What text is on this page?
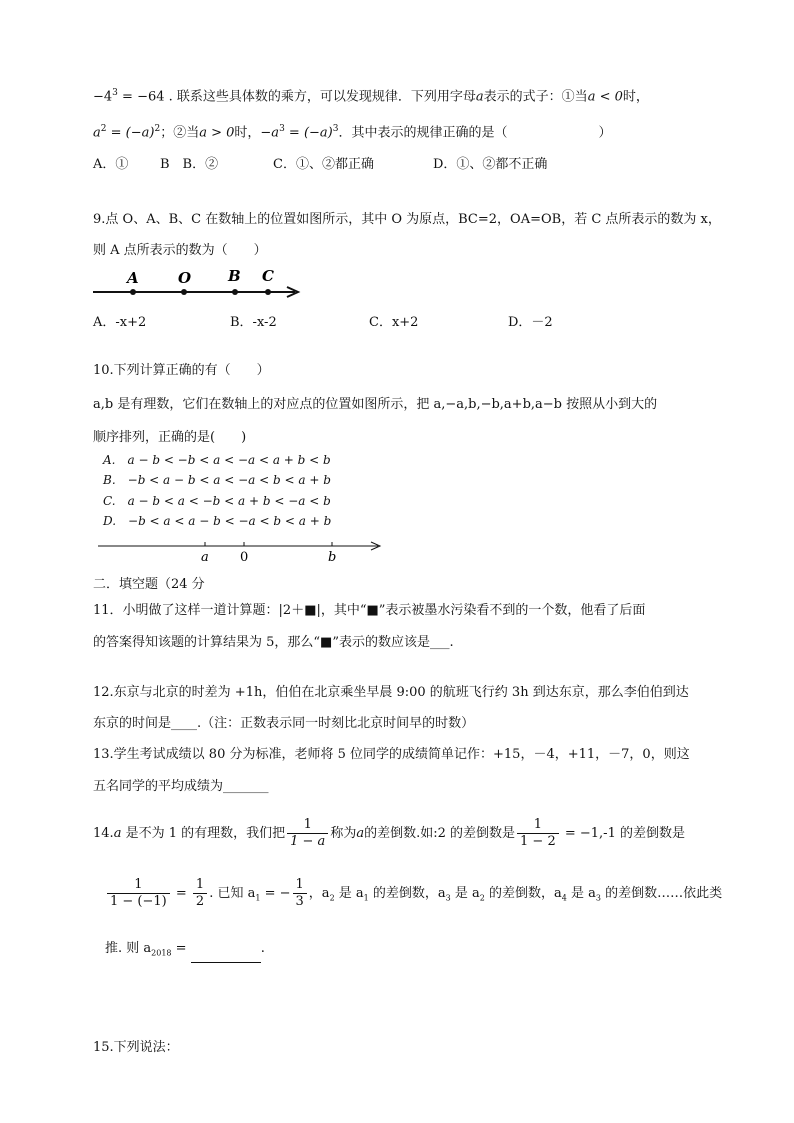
$-4^3 = -64$ . 联系这些具体数的乘方，可以发现规律．下列用字母a表示的式子：①当a < 0时，
$a^2 = (-a)^2$；②当a > 0时，$-a^3 = (-a)^3$．其中表示的规律正确的是（　　　　　　　）
A．① B　B．②	C．①、②都正确	D．①、②都不正确
9.点 O、A、B、C 在数轴上的位置如图所示，其中 O 为原点，BC=2，OA=OB，若 C 点所表示的数为 x，
则 A 点所表示的数为（　　）
A	O B C
A．-x+2	B．-x-2	C．x+2	D．－2
10.下列计算正确的有（　　）
a,b 是有理数，它们在数轴上的对应点的位置如图所示，把 a,−a,b,−b,a+b,a−b 按照从小到大的
顺序排列，正确的是(　　)
A.　a − b < −b < a < −a < a + b < b
B.　−b < a − b < a < −a < b < a + b
C.　a − b < a < −b < a + b < −a < b
D.　−b < a < a − b < −a < b < a + b
a 0	b
二．填空题（24 分
11．小明做了这样一道计算题：|2＋■|，其中“■”表示被墨水污染看不到的一个数，他看了后面
的答案得知该题的计算结果为 5，那么“■”表示的数应该是___.
12.东京与北京的时差为 +1h，伯伯在北京乘坐早晨 9:00 的航班飞行约 3h 到达东京，那么李伯伯到达
东京的时间是____.（注：正数表示同一时刻比北京时间早的时数）
13.学生考试成绩以 80 分为标准，老师将 5 位同学的成绩简单记作：+15，－4，+11，－7，0，则这
五名同学的平均成绩为_______
14.a 是不为 1 的有理数，我们把 $\frac{1}{1 - a}$ 称为a的差倒数.如:2 的差倒数是 $\frac{1}{1 - 2} = -1,-1$ 的差倒数是
$\frac{1}{1 - (-1)} = \frac{1}{2}$ . 已知 $a_1$ = − $\frac{1}{3}$ ，$a_2$ 是 $a_1$ 的差倒数，$a_3$ 是 $a_2$ 的差倒数，$a_4$ 是 $a_3$ 的差倒数……依此类
推. 则 $a_{2018}$ =	.
15.下列说法：
